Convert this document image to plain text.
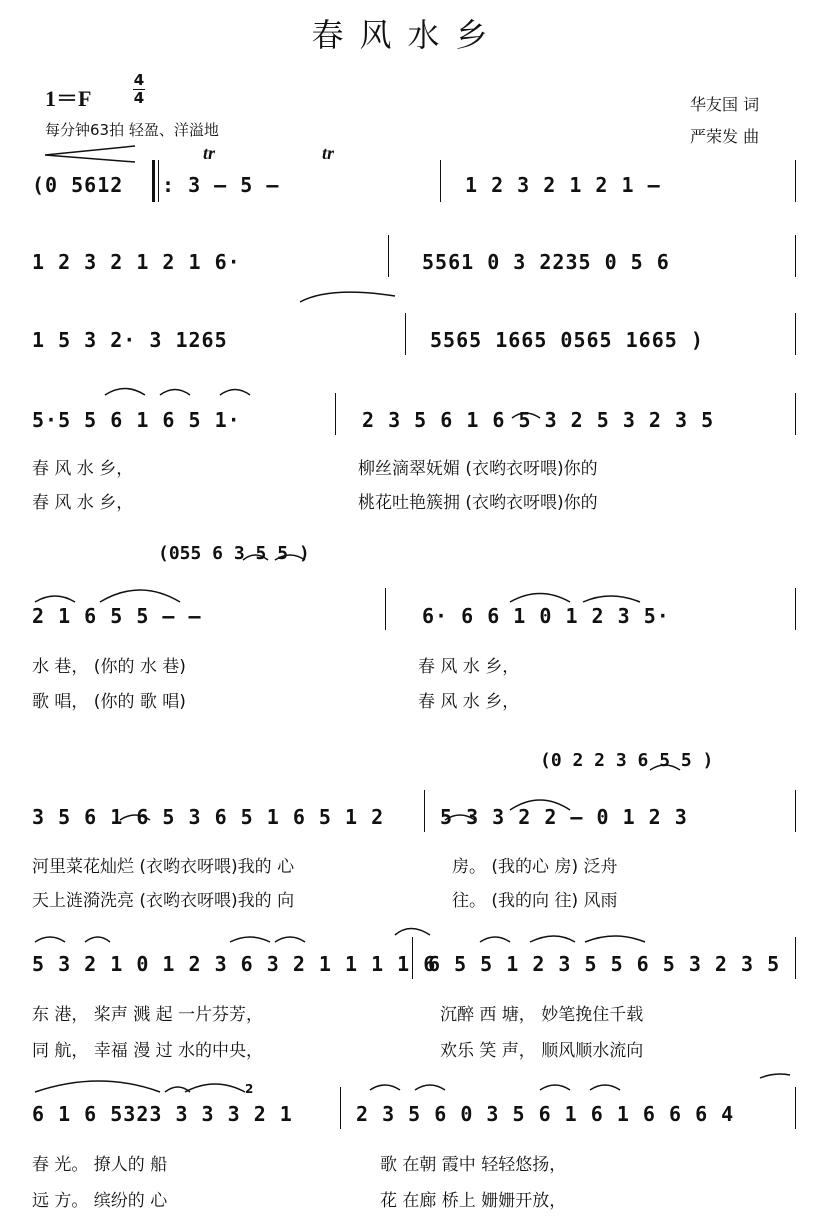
春风水乡
1＝F
4
4
每分钟63拍 轻盈、洋溢地
华友国 词
严荣发 曲
tr	tr
(0 5612 : 3 – 5 –	1 2 3 2 1 2 1 –
1 2 3 2 1 2 1 6·	5561 0 3 2235 0 5 6
1 5 3 2· 3 1265	5565 1665 0565 1665 )
5·5 5 6 1 6 5 1·	2 3 5 6 1 6 5 3 2 5 3 2 3 5
春 风 水 乡，	柳丝滴翠妩媚 (衣哟衣呀喂)你的
春 风 水 乡，	桃花吐艳簇拥 (衣哟衣呀喂)你的
(055 6 3 5 5 )
2 1 6 5 5 – –	6· 6 6 1 0 1 2 3 5·
水 巷， (你的 水 巷)	春 风 水 乡，
歌 唱， (你的 歌 唱)	春 风 水 乡，
(0 2 2 3 6 5 5 )
3 5 6 1 6 5 3 6 5 1 6 5 1 2	5 3 3 2 2 – 0 1 2 3
河里菜花灿烂 (衣哟衣呀喂)我的 心	房。 (我的心 房) 泛舟
天上涟漪洗亮 (衣哟衣呀喂)我的 向	往。 (我的向 往) 风雨
5 3 2 1 0 1 2 3 6 3 2 1 1 1 1 6
6 5 5 1 2 3 5 5 6 5 3 2 3 5
东 港， 桨声 溅 起 一片芬芳，	沉醉 西 塘， 妙笔挽住千载
同 航， 幸福 漫 过 水的中央，	欢乐 笑 声， 顺风顺水流向
2
6 1 6 5323 3 3 3 2 1	2 3 5 6 0 3 5 6 1 6 1 6 6 6 4
春 光。 撩人的 船	歌 在朝 霞中 轻轻悠扬，
远 方。 缤纷的 心	花 在廊 桥上 姗姗开放，
